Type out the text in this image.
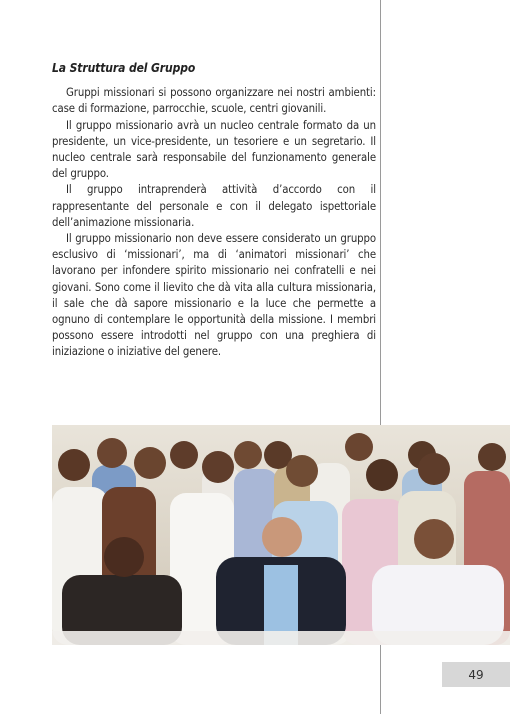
La Struttura del Gruppo

Gruppi missionari si possono organizzare nei nostri ambienti: case di formazione, parrocchie, scuole, centri giovanili.

Il gruppo missionario avrà un nucleo centrale formato da un presidente, un vice-presidente, un tesoriere e un segretario. Il nucleo centrale sarà responsabile del funzionamento generale del gruppo.

Il gruppo intraprenderà attività d’accordo con il rappresentante del personale e con il delegato ispettoriale dell’animazione missionaria.

Il gruppo missionario non deve essere considerato un gruppo esclusivo di ‘missionari’, ma di ‘animatori missionari’ che lavorano per infondere spirito missionario nei confratelli e nei giovani. Sono come il lievito che dà vita alla cultura missionaria, il sale che dà sapore missionario e la luce che permette a ognuno di contemplare le opportunità della missione. I membri possono essere introdotti nel gruppo con una preghiera di iniziazione o iniziative del genere.

49
